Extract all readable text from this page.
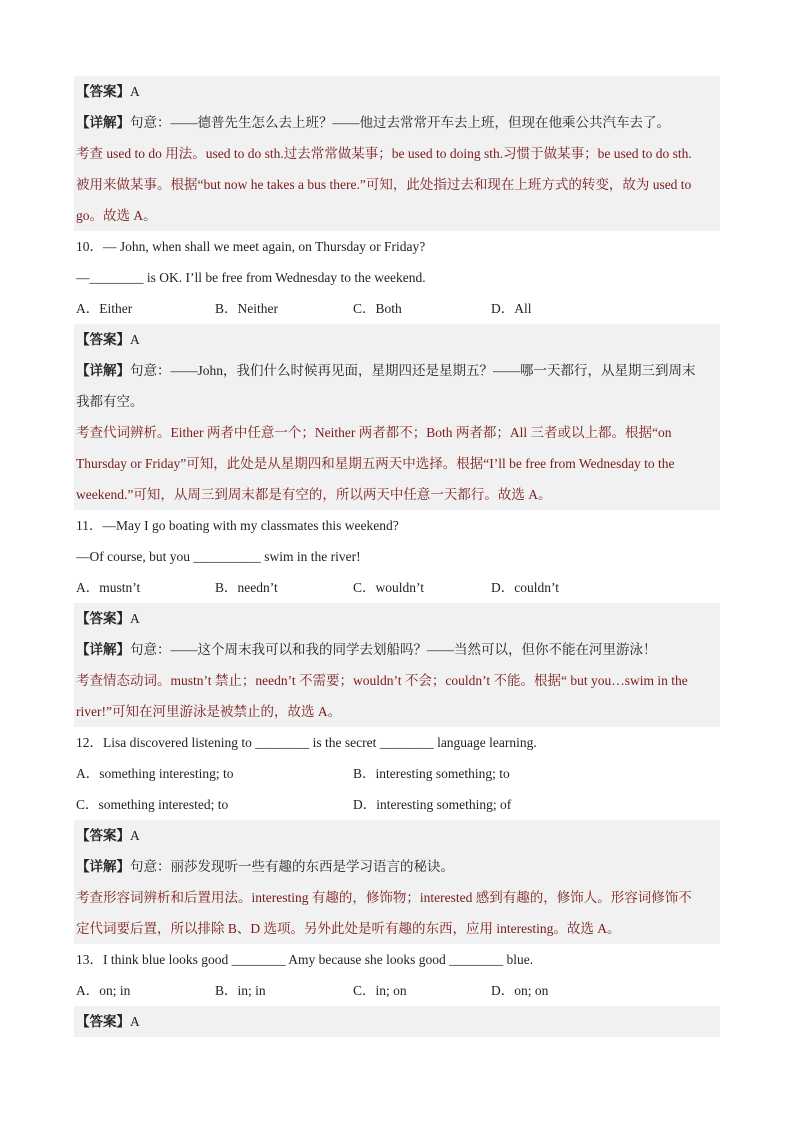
【答案】A
【详解】句意：——德普先生怎么去上班？——他过去常常开车去上班，但现在他乘公共汽车去了。
考查 used to do 用法。used to do sth.过去常常做某事；be used to doing sth.习惯于做某事；be used to do sth.
被用来做某事。根据“but now he takes a bus there.”可知，此处指过去和现在上班方式的转变，故为 used to
go。故选 A。
10．— John, when shall we meet again, on Thursday or Friday?
—________ is OK. I’ll be free from Wednesday to the weekend.
A．Either	B．Neither	C．Both	D．All
【答案】A
【详解】句意：——John，我们什么时候再见面，星期四还是星期五？——哪一天都行，从星期三到周末
我都有空。
考查代词辨析。Either 两者中任意一个；Neither 两者都不；Both 两者都；All 三者或以上都。根据“on
Thursday or Friday”可知，此处是从星期四和星期五两天中选择。根据“I’ll be free from Wednesday to the
weekend.”可知，从周三到周末都是有空的，所以两天中任意一天都行。故选 A。
11．—May I go boating with my classmates this weekend?
—Of course, but you __________ swim in the river!
A．mustn’t	B．needn’t	C．wouldn’t	D．couldn’t
【答案】A
【详解】句意：——这个周末我可以和我的同学去划船吗？——当然可以，但你不能在河里游泳！
考查情态动词。mustn’t 禁止；needn’t 不需要；wouldn’t 不会；couldn’t 不能。根据“ but you…swim in the
river!”可知在河里游泳是被禁止的，故选 A。
12．Lisa discovered listening to ________ is the secret ________ language learning.
A．something interesting; to	B．interesting something; to
C．something interested; to	D．interesting something; of
【答案】A
【详解】句意：丽莎发现听一些有趣的东西是学习语言的秘诀。
考查形容词辨析和后置用法。interesting 有趣的，修饰物；interested 感到有趣的，修饰人。形容词修饰不
定代词要后置，所以排除 B、D 选项。另外此处是听有趣的东西，应用 interesting。故选 A。
13．I think blue looks good ________ Amy because she looks good ________ blue.
A．on; in	B．in; in	C．in; on	D．on; on
【答案】A
